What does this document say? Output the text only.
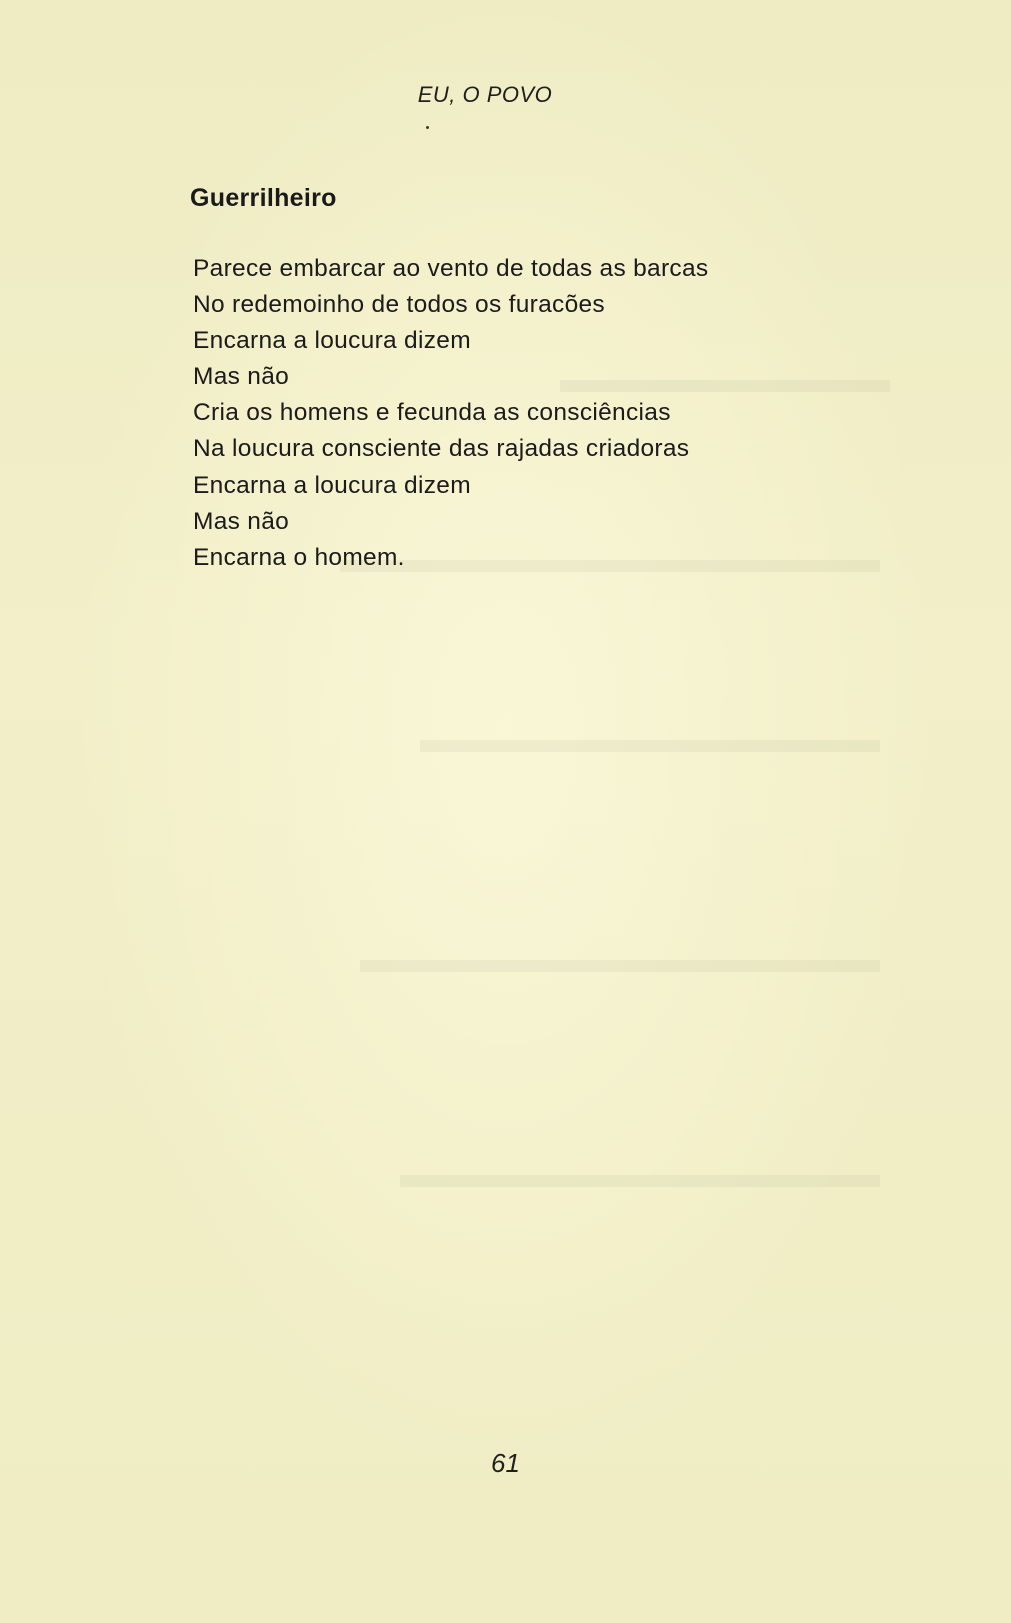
EU, O POVO
Guerrilheiro
Parece embarcar ao vento de todas as barcas
No redemoinho de todos os furacões
Encarna a loucura dizem
Mas não
Cria os homens e fecunda as consciências
Na loucura consciente das rajadas criadoras
Encarna a loucura dizem
Mas não
Encarna o homem.
61
